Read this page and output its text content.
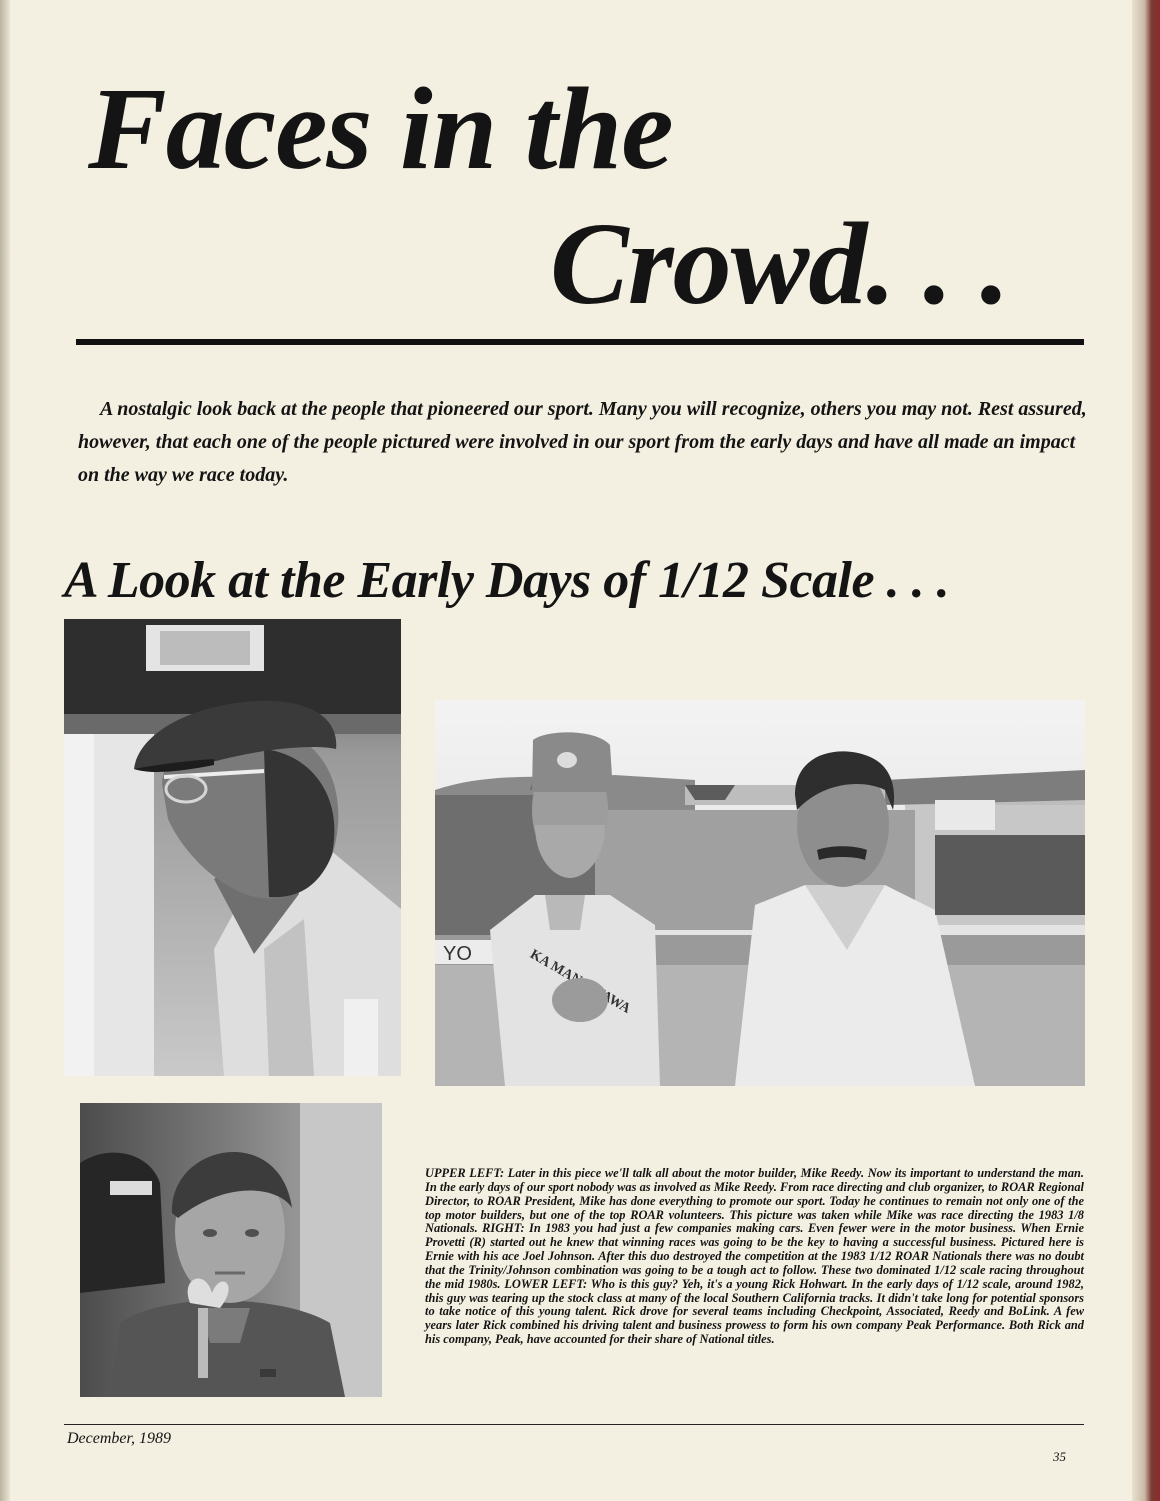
Faces in the
Crowd. . .

A nostalgic look back at the people that pioneered our sport. Many you will recognize, others you may not. Rest assured, however, that each one of the people pictured were involved in our sport from the early days and have all made an impact on the way we race today.

A Look at the Early Days of 1/12 Scale . . .
YO	KA MANA WAWA

UPPER LEFT: Later in this piece we'll talk all about the motor builder, Mike Reedy. Now its important to understand the man. In the early days of our sport nobody was as involved as Mike Reedy. From race directing and club organizer, to ROAR Regional Director, to ROAR President, Mike has done everything to promote our sport. Today he continues to remain not only one of the top motor builders, but one of the top ROAR volunteers. This picture was taken while Mike was race directing the 1983 1/8 Nationals. RIGHT: In 1983 you had just a few companies making cars. Even fewer were in the motor business. When Ernie Provetti (R) started out he knew that winning races was going to be the key to having a successful business. Pictured here is Ernie with his ace Joel Johnson. After this duo destroyed the competition at the 1983 1/12 ROAR Nationals there was no doubt that the Trinity/Johnson combination was going to be a tough act to follow. These two dominated 1/12 scale racing throughout the mid 1980s. LOWER LEFT: Who is this guy? Yeh, it's a young Rick Hohwart. In the early days of 1/12 scale, around 1982, this guy was tearing up the stock class at many of the local Southern California tracks. It didn't take long for potential sponsors to take notice of this young talent. Rick drove for several teams including Checkpoint, Associated, Reedy and BoLink. A few years later Rick combined his driving talent and business prowess to form his own company Peak Performance. Both Rick and his company, Peak, have accounted for their share of National titles.

December, 1989
35
